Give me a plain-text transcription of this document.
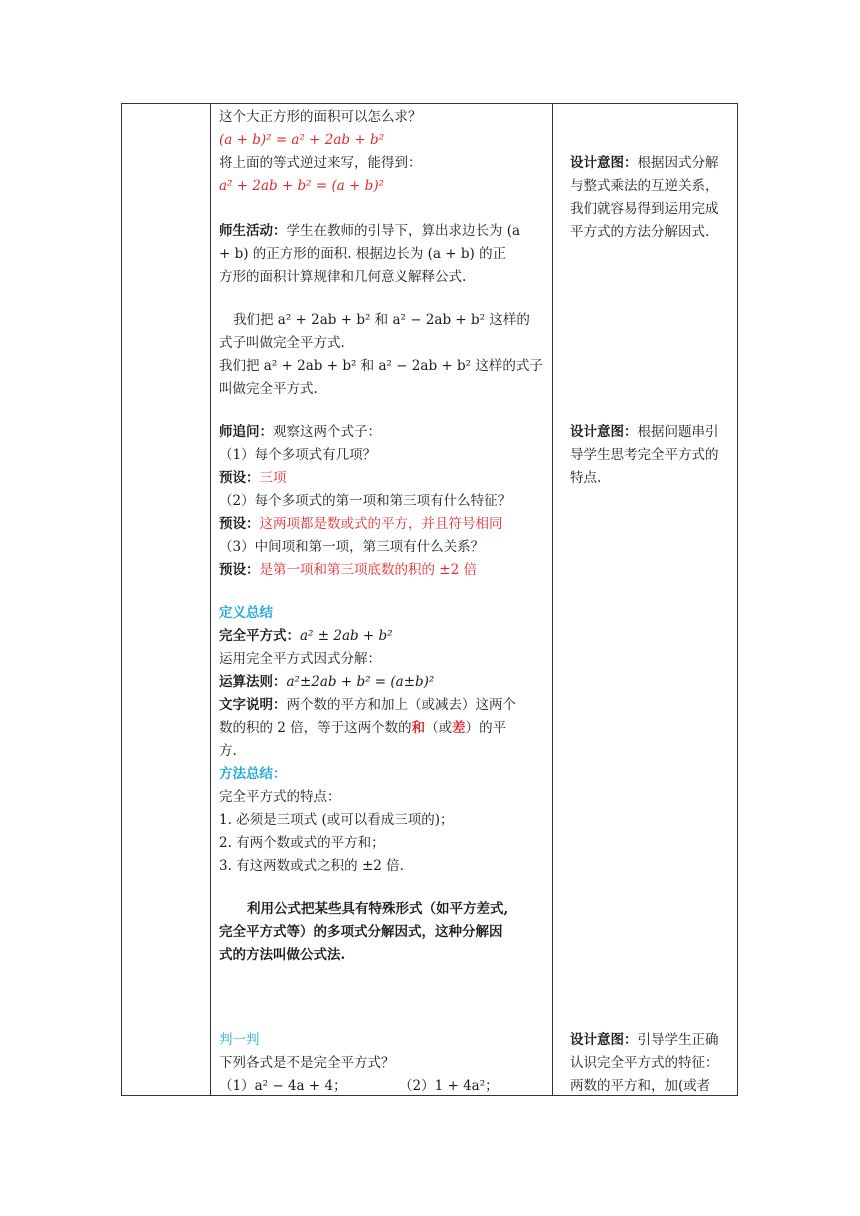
这个大正方形的面积可以怎么求？
(a + b)² = a² + 2ab + b²
将上面的等式逆过来写，能得到：
a² + 2ab + b² = (a + b)²
师生活动：学生在教师的引导下，算出求边长为 (a
+ b) 的正方形的面积. 根据边长为 (a + b) 的正
方形的面积计算规律和几何意义解释公式.
我们把 a² + 2ab + b² 和 a² − 2ab + b² 这样的
式子叫做完全平方式.
我们把 a² + 2ab + b² 和 a² − 2ab + b² 这样的式子
叫做完全平方式.
师追问：观察这两个式子：
（1）每个多项式有几项？
预设：三项
（2）每个多项式的第一项和第三项有什么特征？
预设：这两项都是数或式的平方，并且符号相同
（3）中间项和第一项，第三项有什么关系？
预设：是第一项和第三项底数的积的 ±2 倍
定义总结
完全平方式：a² ± 2ab + b²
运用完全平方式因式分解：
运算法则：a²±2ab + b² = (a±b)²
文字说明：两个数的平方和加上（或减去）这两个
数的积的 2 倍，等于这两个数的和（或差）的平
方.
方法总结：
完全平方式的特点：
1. 必须是三项式 (或可以看成三项的)；
2. 有两个数或式的平方和；
3. 有这两数或式之积的 ±2 倍.
利用公式把某些具有特殊形式（如平方差式,
完全平方式等）的多项式分解因式，这种分解因
式的方法叫做公式法.
判一判
下列各式是不是完全平方式？
（1）a² − 4a + 4；	（2）1 + 4a²；
设计意图：根据因式分解
与整式乘法的互逆关系，
我们就容易得到运用完成
平方式的方法分解因式.
设计意图：根据问题串引
导学生思考完全平方式的
特点.
设计意图：引导学生正确
认识完全平方式的特征：
两数的平方和，加(或者
